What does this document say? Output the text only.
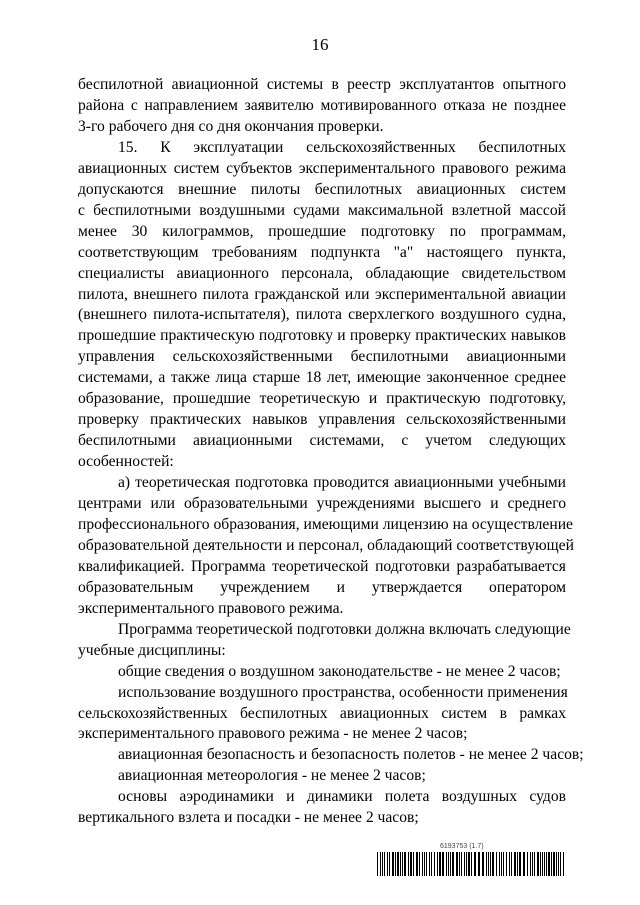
16
беспилотной авиационной системы в реестр эксплуатантов опытного
района с направлением заявителю мотивированного отказа не позднее
3-го рабочего дня со дня окончания проверки.
15. К эксплуатации сельскохозяйственных беспилотных
авиационных систем субъектов экспериментального правового режима
допускаются внешние пилоты беспилотных авиационных систем
с беспилотными воздушными судами максимальной взлетной массой
менее 30 килограммов, прошедшие подготовку по программам,
соответствующим требованиям подпункта "а" настоящего пункта,
специалисты авиационного персонала, обладающие свидетельством
пилота, внешнего пилота гражданской или экспериментальной авиации
(внешнего пилота-испытателя), пилота сверхлегкого воздушного судна,
прошедшие практическую подготовку и проверку практических навыков
управления сельскохозяйственными беспилотными авиационными
системами, а также лица старше 18 лет, имеющие законченное среднее
образование, прошедшие теоретическую и практическую подготовку,
проверку практических навыков управления сельскохозяйственными
беспилотными авиационными системами, с учетом следующих
особенностей:
а) теоретическая подготовка проводится авиационными учебными
центрами или образовательными учреждениями высшего и среднего
профессионального образования, имеющими лицензию на осуществление
образовательной деятельности и персонал, обладающий соответствующей
квалификацией. Программа теоретической подготовки разрабатывается
образовательным учреждением и утверждается оператором
экспериментального правового режима.
Программа теоретической подготовки должна включать следующие
учебные дисциплины:
общие сведения о воздушном законодательстве - не менее 2 часов;
использование воздушного пространства, особенности применения
сельскохозяйственных беспилотных авиационных систем в рамках
экспериментального правового режима - не менее 2 часов;
авиационная безопасность и безопасность полетов - не менее 2 часов;
авиационная метеорология - не менее 2 часов;
основы аэродинамики и динамики полета воздушных судов
вертикального взлета и посадки - не менее 2 часов;
6193753 (1.7)
